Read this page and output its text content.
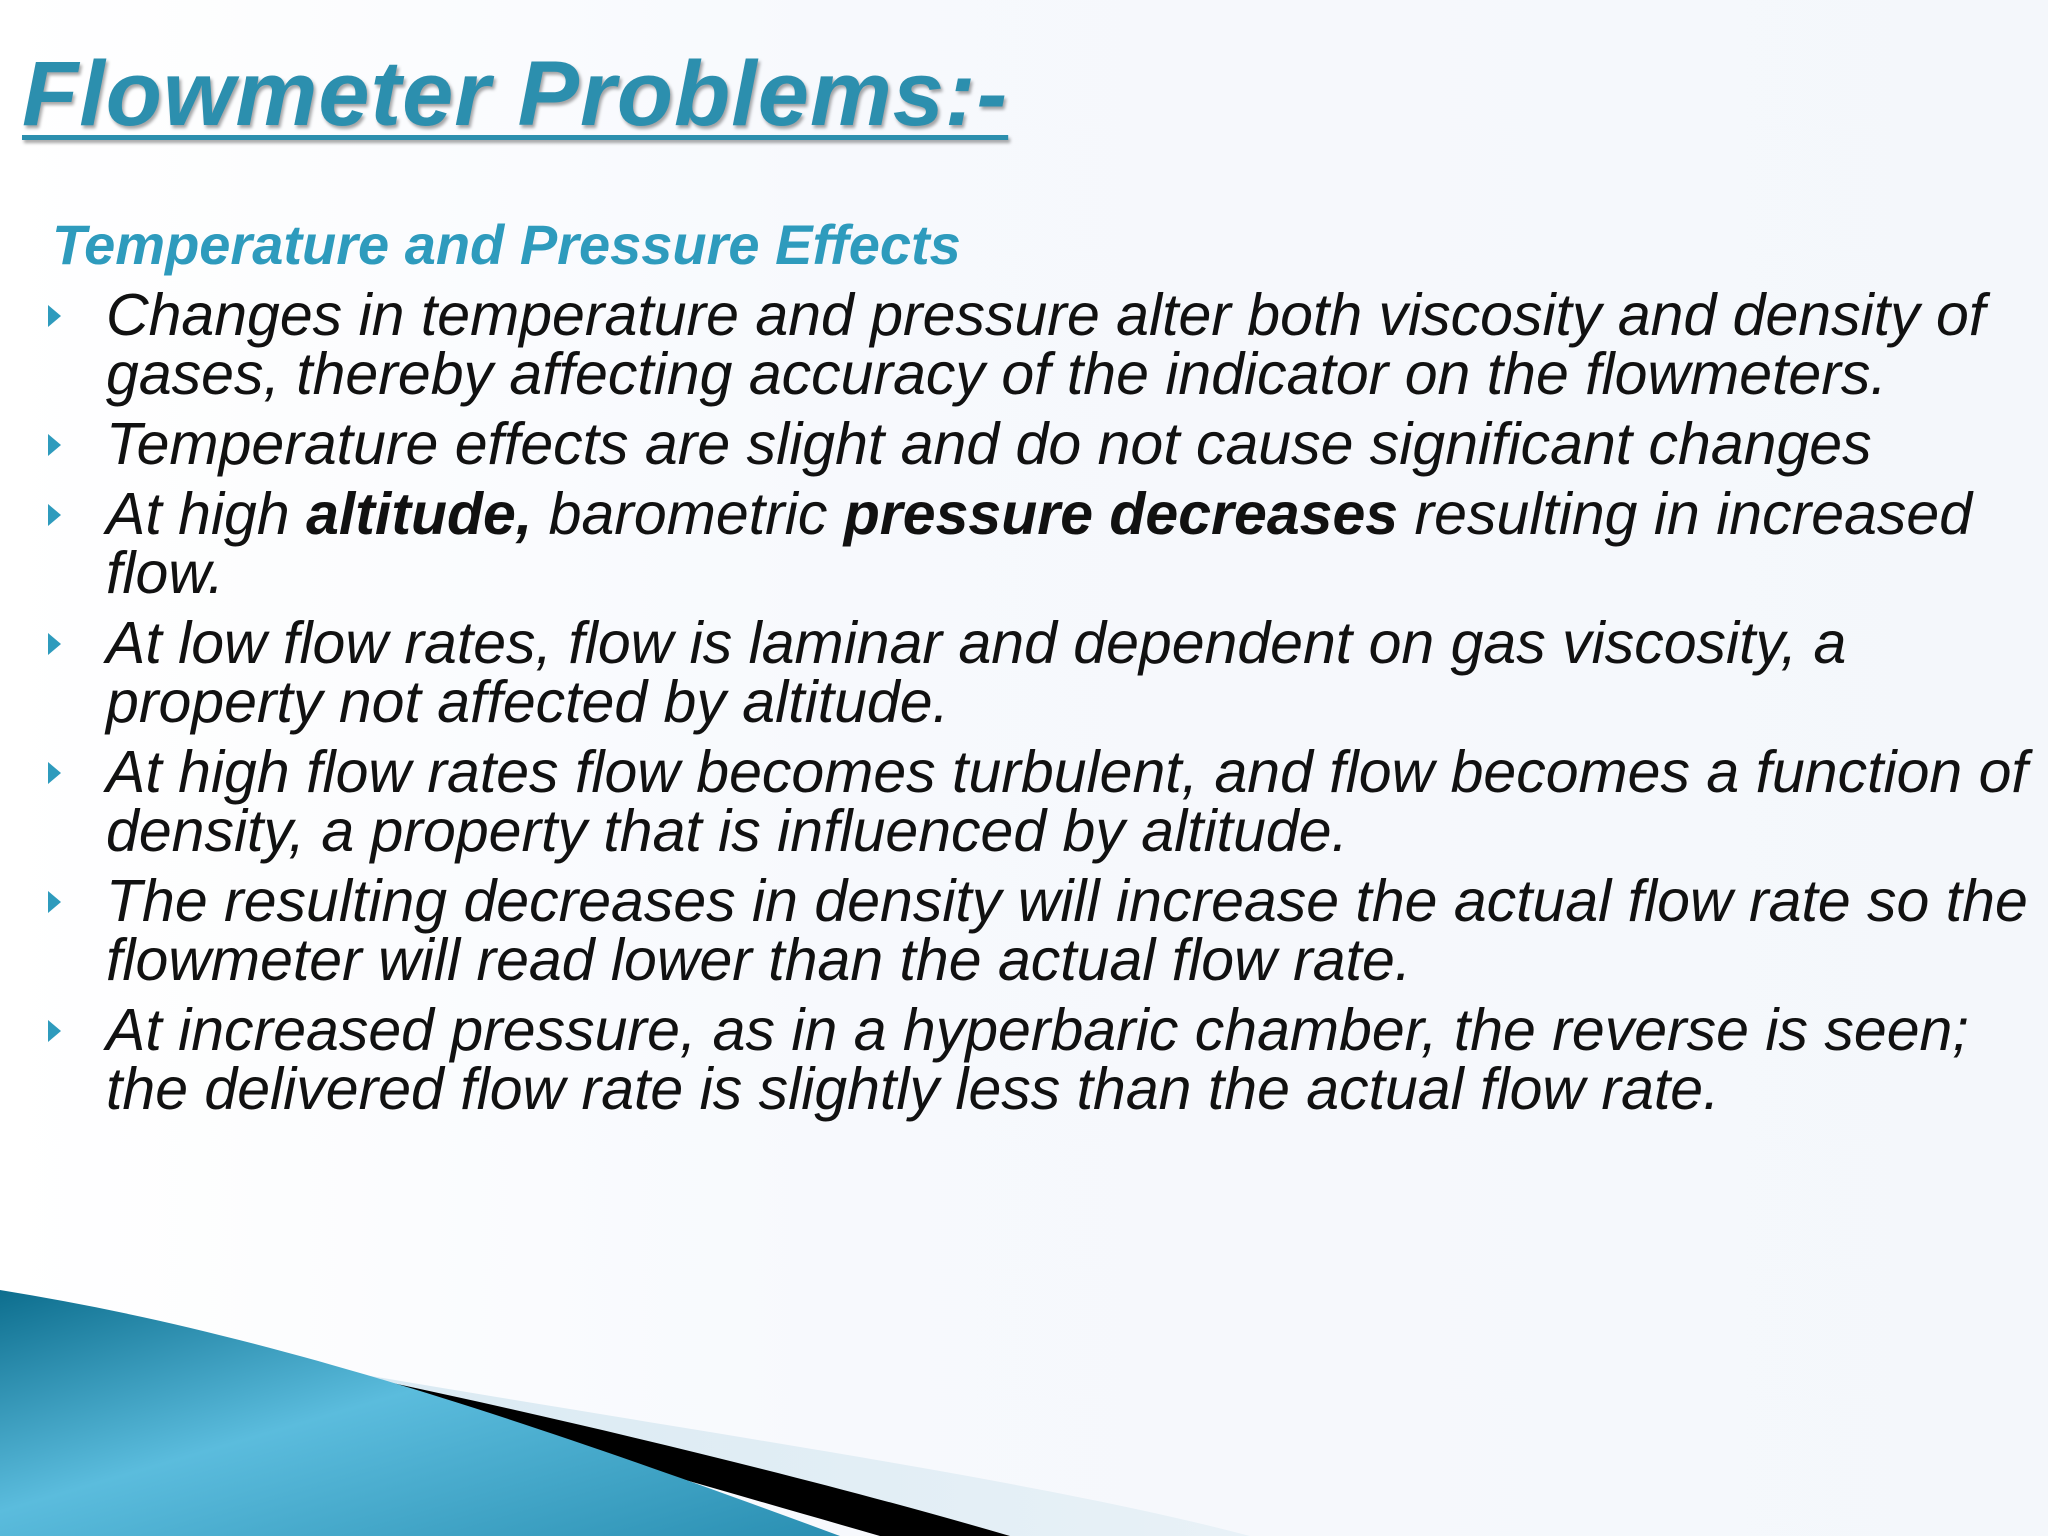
Flowmeter Problems:-
Temperature and Pressure Effects
Changes in temperature and pressure alter both viscosity and density of gases, thereby affecting accuracy of the indicator on the flowmeters.
Temperature effects are slight and do not cause significant changes
At high altitude, barometric pressure decreases resulting in increased flow.
At low flow rates, flow is laminar and dependent on gas viscosity, a property not affected by altitude.
At high flow rates flow becomes turbulent, and flow becomes a function of density, a property that is influenced by altitude.
The resulting decreases in density will increase the actual flow rate so the flowmeter will read lower than the actual flow rate.
At increased pressure, as in a hyperbaric chamber, the reverse is seen; the delivered flow rate is slightly less than the actual flow rate.
